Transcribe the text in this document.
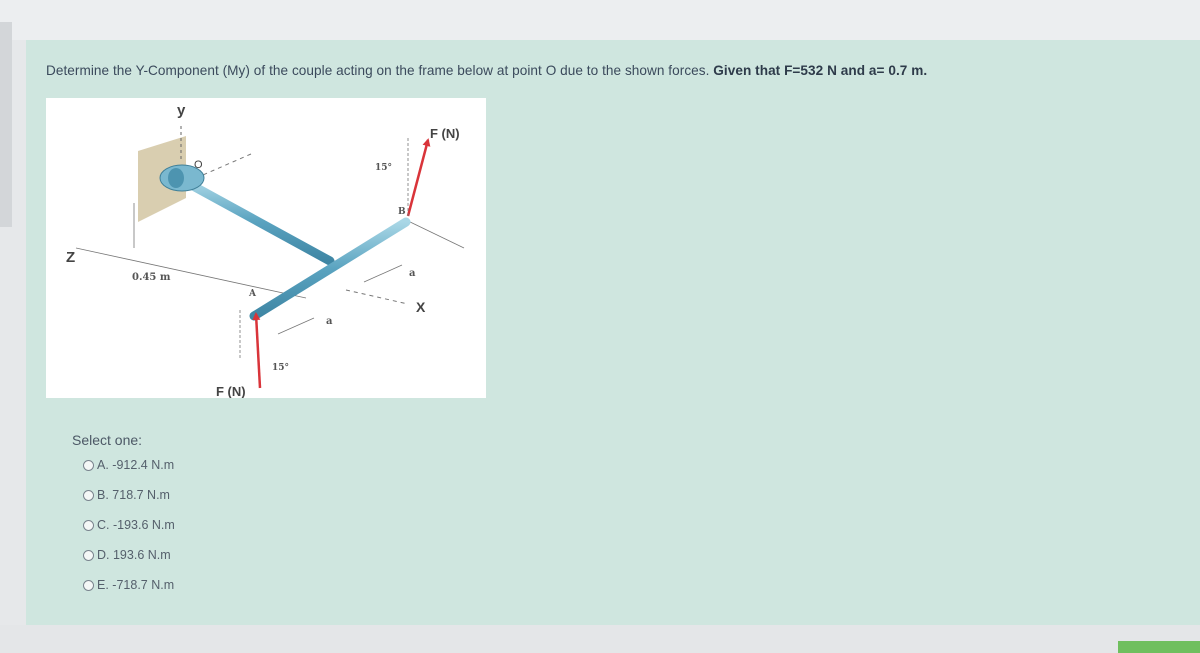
Determine the Y-Component (My) of the couple acting on the frame below at point O due to the shown forces. Given that F=532 N and a= 0.7 m.
y
Z
X
O
A
B
0.45 m
a
a
15°
15°
F (N)
F (N)
Select one:
A.
-912.4 N.m
B.
718.7 N.m
C.
-193.6 N.m
D.
193.6 N.m
E.
-718.7 N.m
